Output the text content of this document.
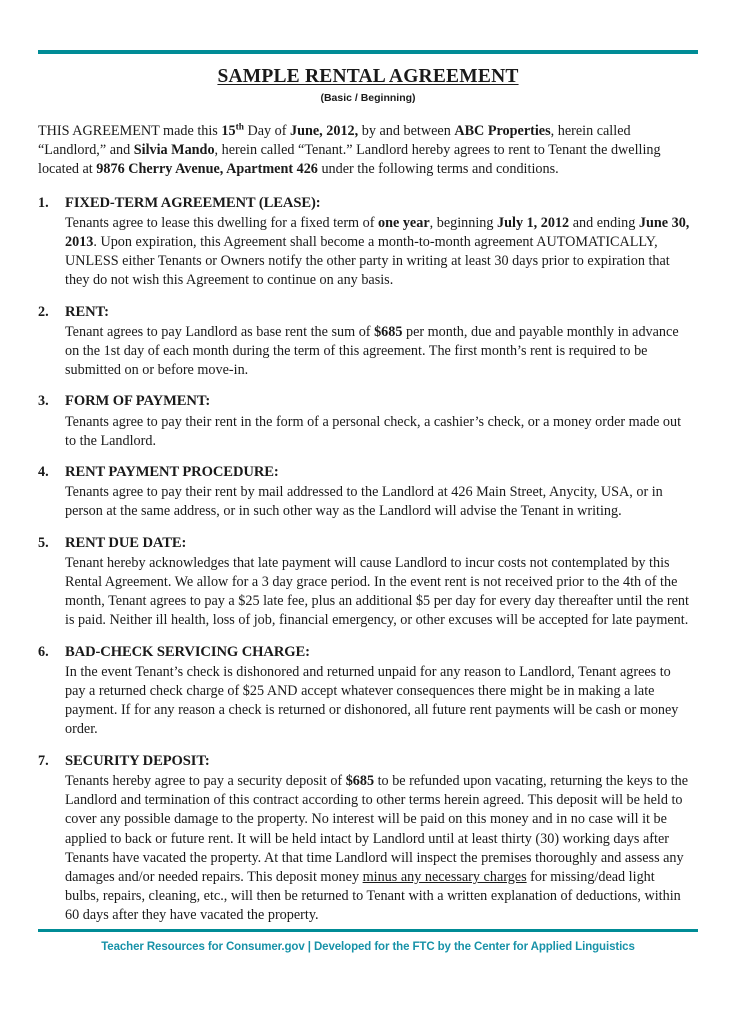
SAMPLE RENTAL AGREEMENT
(Basic / Beginning)

THIS AGREEMENT made this 15th Day of June, 2012, by and between ABC Properties, herein called “Landlord,” and Silvia Mando, herein called “Tenant.” Landlord hereby agrees to rent to Tenant the dwelling located at 9876 Cherry Avenue, Apartment 426 under the following terms and conditions.

1. FIXED-TERM AGREEMENT (LEASE):

Tenants agree to lease this dwelling for a fixed term of one year, beginning July 1, 2012 and ending June 30, 2013. Upon expiration, this Agreement shall become a month-to-month agreement AUTOMATICALLY, UNLESS either Tenants or Owners notify the other party in writing at least 30 days prior to expiration that they do not wish this Agreement to continue on any basis.

2. RENT:

Tenant agrees to pay Landlord as base rent the sum of $685 per month, due and payable monthly in advance on the 1st day of each month during the term of this agreement. The first month’s rent is required to be submitted on or before move-in.

3. FORM OF PAYMENT:

Tenants agree to pay their rent in the form of a personal check, a cashier’s check, or a money order made out to the Landlord.

4. RENT PAYMENT PROCEDURE:

Tenants agree to pay their rent by mail addressed to the Landlord at 426 Main Street, Anycity, USA, or in person at the same address, or in such other way as the Landlord will advise the Tenant in writing.

5. RENT DUE DATE:

Tenant hereby acknowledges that late payment will cause Landlord to incur costs not contemplated by this Rental Agreement. We allow for a 3 day grace period. In the event rent is not received prior to the 4th of the month, Tenant agrees to pay a $25 late fee, plus an additional $5 per day for every day thereafter until the rent is paid. Neither ill health, loss of job, financial emergency, or other excuses will be accepted for late payment.

6. BAD-CHECK SERVICING CHARGE:

In the event Tenant’s check is dishonored and returned unpaid for any reason to Landlord, Tenant agrees to pay a returned check charge of $25 AND accept whatever consequences there might be in making a late payment. If for any reason a check is returned or dishonored, all future rent payments will be cash or money order.

7. SECURITY DEPOSIT:

Tenants hereby agree to pay a security deposit of $685 to be refunded upon vacating, returning the keys to the Landlord and termination of this contract according to other terms herein agreed. This deposit will be held to cover any possible damage to the property. No interest will be paid on this money and in no case will it be applied to back or future rent. It will be held intact by Landlord until at least thirty (30) working days after Tenants have vacated the property. At that time Landlord will inspect the premises thoroughly and assess any damages and/or needed repairs. This deposit money minus any necessary charges for missing/dead light bulbs, repairs, cleaning, etc., will then be returned to Tenant with a written explanation of deductions, within 60 days after they have vacated the property.

Teacher Resources for Consumer.gov | Developed for the FTC by the Center for Applied Linguistics
